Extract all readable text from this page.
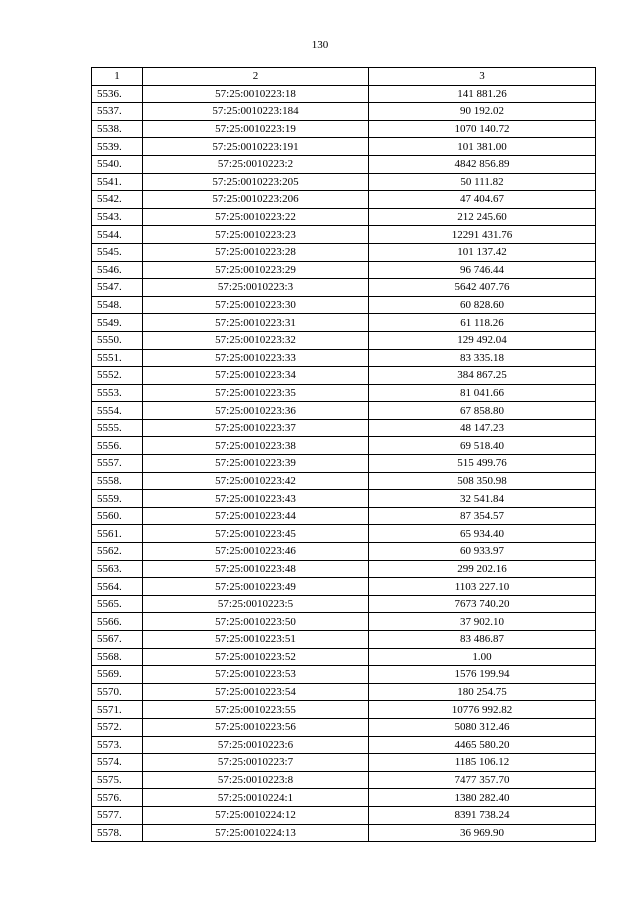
130
1	2	3
5536.	57:25:0010223:18	141 881.26
5537.	57:25:0010223:184	90 192.02
5538.	57:25:0010223:19	1070 140.72
5539.	57:25:0010223:191	101 381.00
5540.	57:25:0010223:2	4842 856.89
5541.	57:25:0010223:205	50 111.82
5542.	57:25:0010223:206	47 404.67
5543.	57:25:0010223:22	212 245.60
5544.	57:25:0010223:23	12291 431.76
5545.	57:25:0010223:28	101 137.42
5546.	57:25:0010223:29	96 746.44
5547.	57:25:0010223:3	5642 407.76
5548.	57:25:0010223:30	60 828.60
5549.	57:25:0010223:31	61 118.26
5550.	57:25:0010223:32	129 492.04
5551.	57:25:0010223:33	83 335.18
5552.	57:25:0010223:34	384 867.25
5553.	57:25:0010223:35	81 041.66
5554.	57:25:0010223:36	67 858.80
5555.	57:25:0010223:37	48 147.23
5556.	57:25:0010223:38	69 518.40
5557.	57:25:0010223:39	515 499.76
5558.	57:25:0010223:42	508 350.98
5559.	57:25:0010223:43	32 541.84
5560.	57:25:0010223:44	87 354.57
5561.	57:25:0010223:45	65 934.40
5562.	57:25:0010223:46	60 933.97
5563.	57:25:0010223:48	299 202.16
5564.	57:25:0010223:49	1103 227.10
5565.	57:25:0010223:5	7673 740.20
5566.	57:25:0010223:50	37 902.10
5567.	57:25:0010223:51	83 486.87
5568.	57:25:0010223:52	1.00
5569.	57:25:0010223:53	1576 199.94
5570.	57:25:0010223:54	180 254.75
5571.	57:25:0010223:55	10776 992.82
5572.	57:25:0010223:56	5080 312.46
5573.	57:25:0010223:6	4465 580.20
5574.	57:25:0010223:7	1185 106.12
5575.	57:25:0010223:8	7477 357.70
5576.	57:25:0010224:1	1380 282.40
5577.	57:25:0010224:12	8391 738.24
5578.	57:25:0010224:13	36 969.90
